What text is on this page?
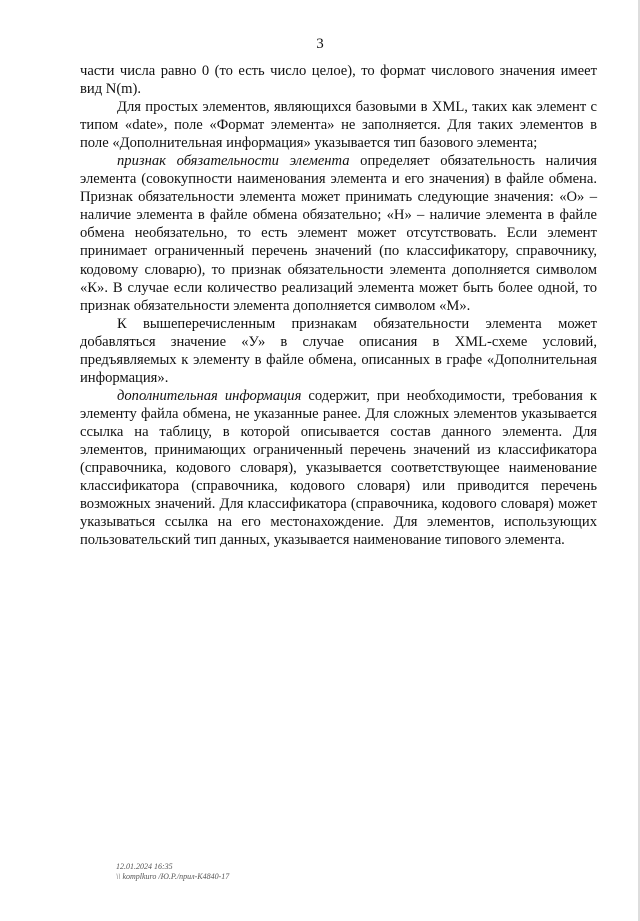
3

части числа равно 0 (то есть число целое), то формат числового значения имеет вид N(m).

Для простых элементов, являющихся базовыми в XML, таких как элемент с типом «date», поле «Формат элемента» не заполняется. Для таких элементов в поле «Дополнительная информация» указывается тип базового элемента;

признак обязательности элемента определяет обязательность наличия элемента (совокупности наименования элемента и его значения) в файле обмена. Признак обязательности элемента может принимать следующие значения: «О» – наличие элемента в файле обмена обязательно; «Н» – наличие элемента в файле обмена необязательно, то есть элемент может отсутствовать. Если элемент принимает ограниченный перечень значений (по классификатору, справочнику, кодовому словарю), то признак обязательности элемента дополняется символом «К». В случае если количество реализаций элемента может быть более одной, то признак обязательности элемента дополняется символом «М».

К вышеперечисленным признакам обязательности элемента может добавляться значение «У» в случае описания в XML-схеме условий, предъявляемых к элементу в файле обмена, описанных в графе «Дополнительная информация».

дополнительная информация содержит, при необходимости, требования к элементу файла обмена, не указанные ранее. Для сложных элементов указывается ссылка на таблицу, в которой описывается состав данного элемента. Для элементов, принимающих ограниченный перечень значений из классификатора (справочника, кодового словаря), указывается соответствующее наименование классификатора (справочника, кодового словаря) или приводится перечень возможных значений. Для классификатора (справочника, кодового словаря) может указываться ссылка на его местонахождение. Для элементов, использующих пользовательский тип данных, указывается наименование типового элемента.

12.01.2024 16:35
\\ komplkuro /Ю.Р./прил-К4840-17
